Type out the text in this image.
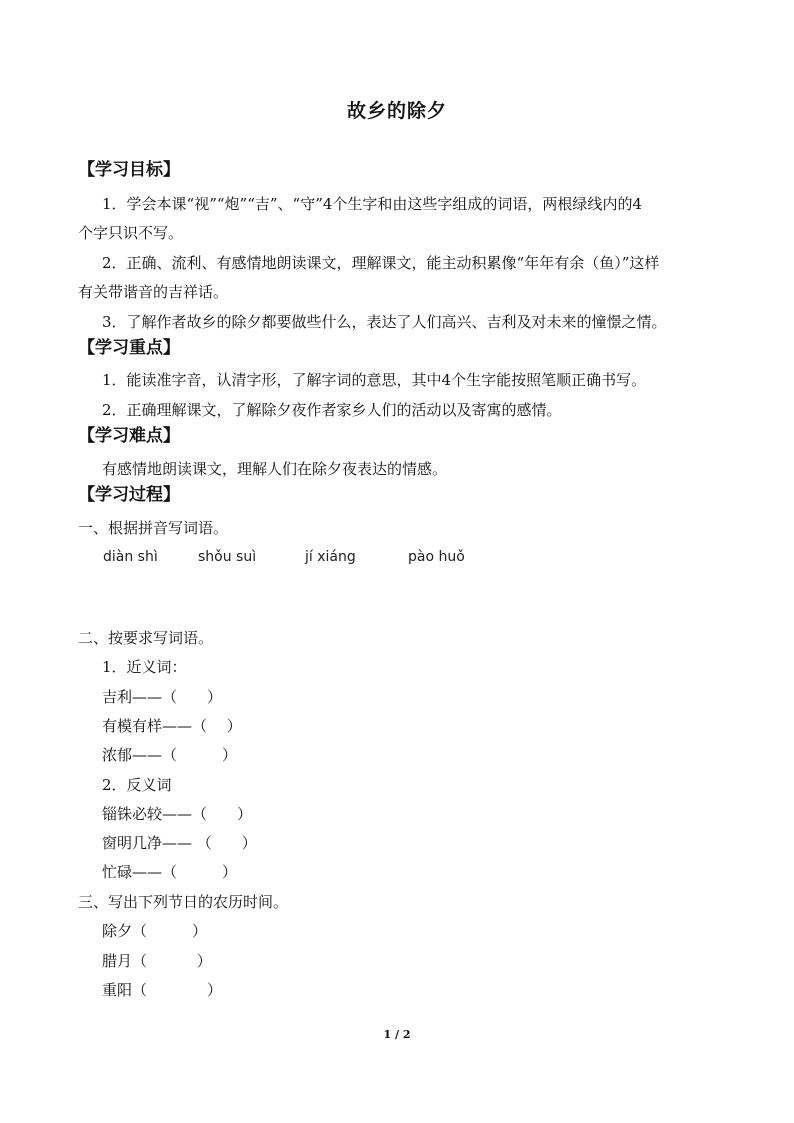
故乡的除夕
【学习目标】
1．学会本课“视”“炮”“吉”、“守”4个生字和由这些字组成的词语，两根绿线内的4
个字只识不写。
2．正确、流利、有感情地朗读课文，理解课文，能主动积累像“年年有余（鱼）”这样
有关带谐音的吉祥话。
3．了解作者故乡的除夕都要做些什么，表达了人们高兴、吉利及对未来的憧憬之情。
【学习重点】
1．能读准字音，认清字形，了解字词的意思，其中4个生字能按照笔顺正确书写。
2．正确理解课文，了解除夕夜作者家乡人们的活动以及寄寓的感情。
【学习难点】
有感情地朗读课文，理解人们在除夕夜表达的情感。
【学习过程】
一、根据拼音写词语。
diàn shì	shǒu suì	jí xiáng	pào huǒ
二、按要求写词语。
1．近义词：
吉利——（　　）
有模有样——（　 ）
浓郁——（　　　）
2．反义词
锱铢必较——（　　）
窗明几净—— （　　）
忙碌——（　　　）
三、写出下列节日的农历时间。
除夕（　　　）
腊月（　　　 ）
重阳（　　　　）
1 / 2
